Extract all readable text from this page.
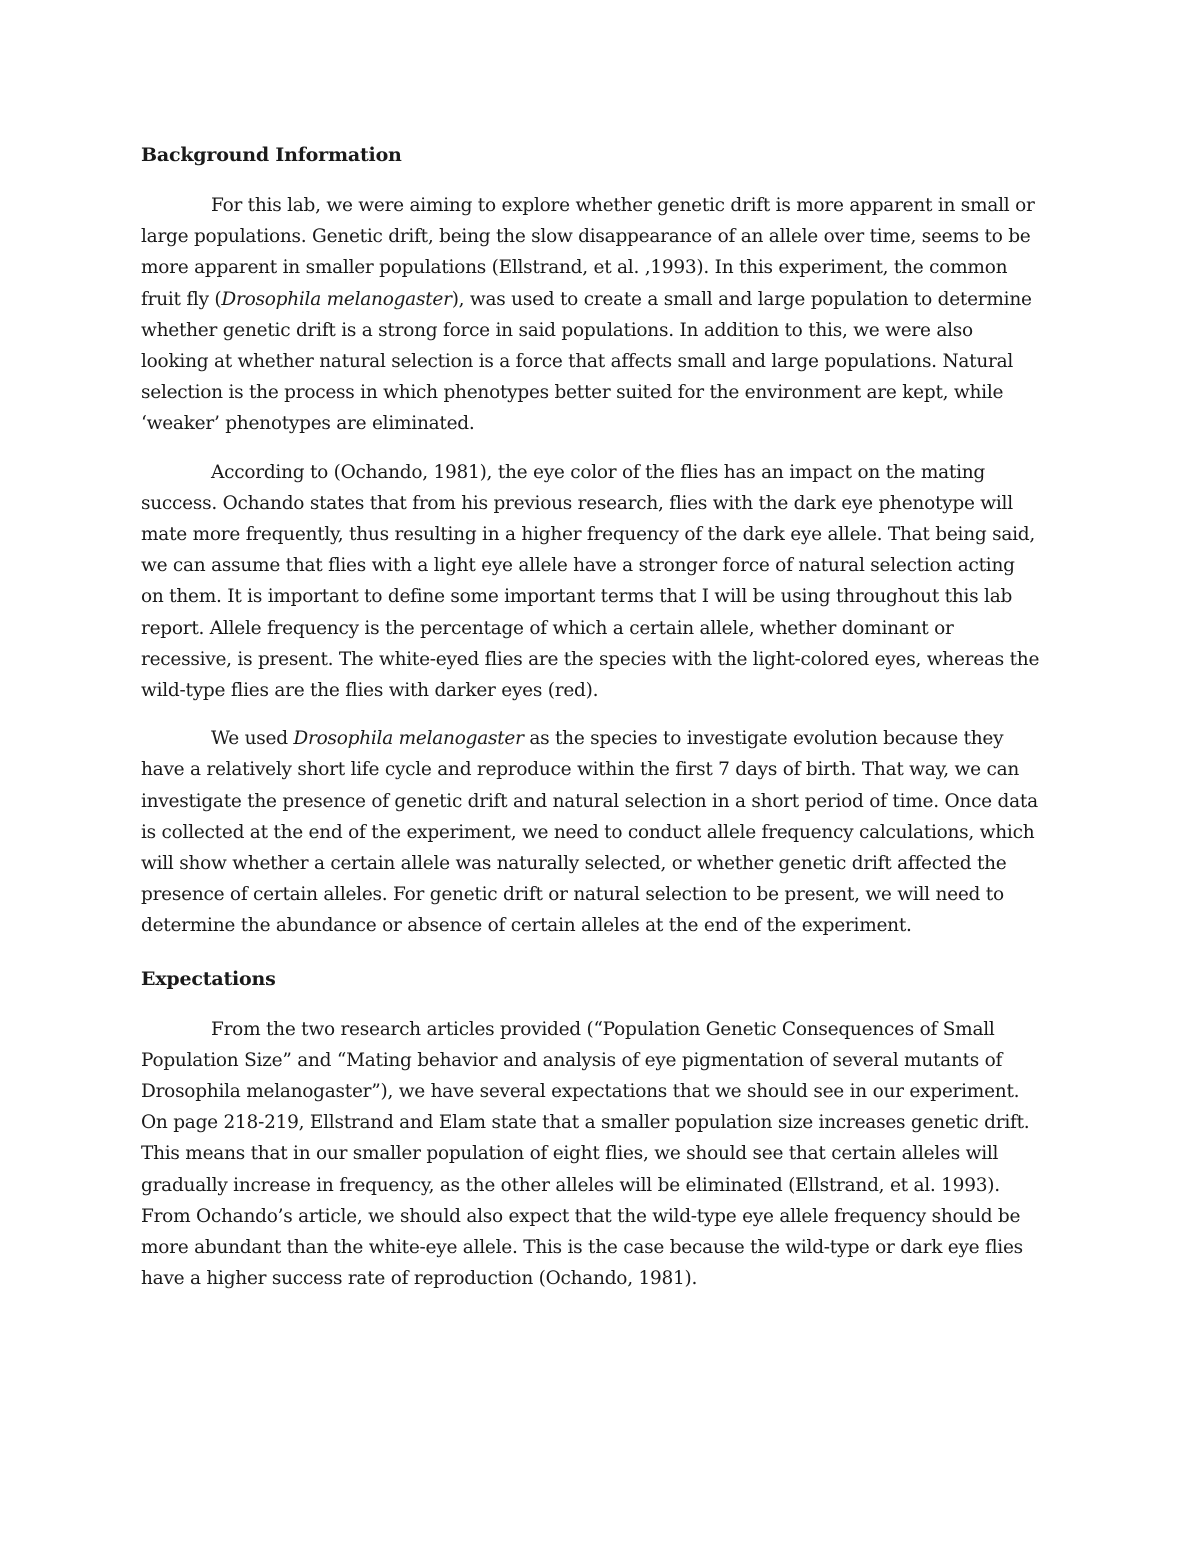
Background Information
For this lab, we were aiming to explore whether genetic drift is more apparent in small or
large populations. Genetic drift, being the slow disappearance of an allele over time, seems to be
more apparent in smaller populations (Ellstrand, et al. ,1993). In this experiment, the common
fruit fly (Drosophila melanogaster), was used to create a small and large population to determine
whether genetic drift is a strong force in said populations. In addition to this, we were also
looking at whether natural selection is a force that affects small and large populations. Natural
selection is the process in which phenotypes better suited for the environment are kept, while
‘weaker’ phenotypes are eliminated.
According to (Ochando, 1981), the eye color of the flies has an impact on the mating
success. Ochando states that from his previous research, flies with the dark eye phenotype will
mate more frequently, thus resulting in a higher frequency of the dark eye allele. That being said,
we can assume that flies with a light eye allele have a stronger force of natural selection acting
on them. It is important to define some important terms that I will be using throughout this lab
report. Allele frequency is the percentage of which a certain allele, whether dominant or
recessive, is present. The white-eyed flies are the species with the light-colored eyes, whereas the
wild-type flies are the flies with darker eyes (red).
We used Drosophila melanogaster as the species to investigate evolution because they
have a relatively short life cycle and reproduce within the first 7 days of birth. That way, we can
investigate the presence of genetic drift and natural selection in a short period of time. Once data
is collected at the end of the experiment, we need to conduct allele frequency calculations, which
will show whether a certain allele was naturally selected, or whether genetic drift affected the
presence of certain alleles. For genetic drift or natural selection to be present, we will need to
determine the abundance or absence of certain alleles at the end of the experiment.
Expectations
From the two research articles provided (“Population Genetic Consequences of Small
Population Size” and “Mating behavior and analysis of eye pigmentation of several mutants of
Drosophila melanogaster”), we have several expectations that we should see in our experiment.
On page 218-219, Ellstrand and Elam state that a smaller population size increases genetic drift.
This means that in our smaller population of eight flies, we should see that certain alleles will
gradually increase in frequency, as the other alleles will be eliminated (Ellstrand, et al. 1993).
From Ochando’s article, we should also expect that the wild-type eye allele frequency should be
more abundant than the white-eye allele. This is the case because the wild-type or dark eye flies
have a higher success rate of reproduction (Ochando, 1981).
